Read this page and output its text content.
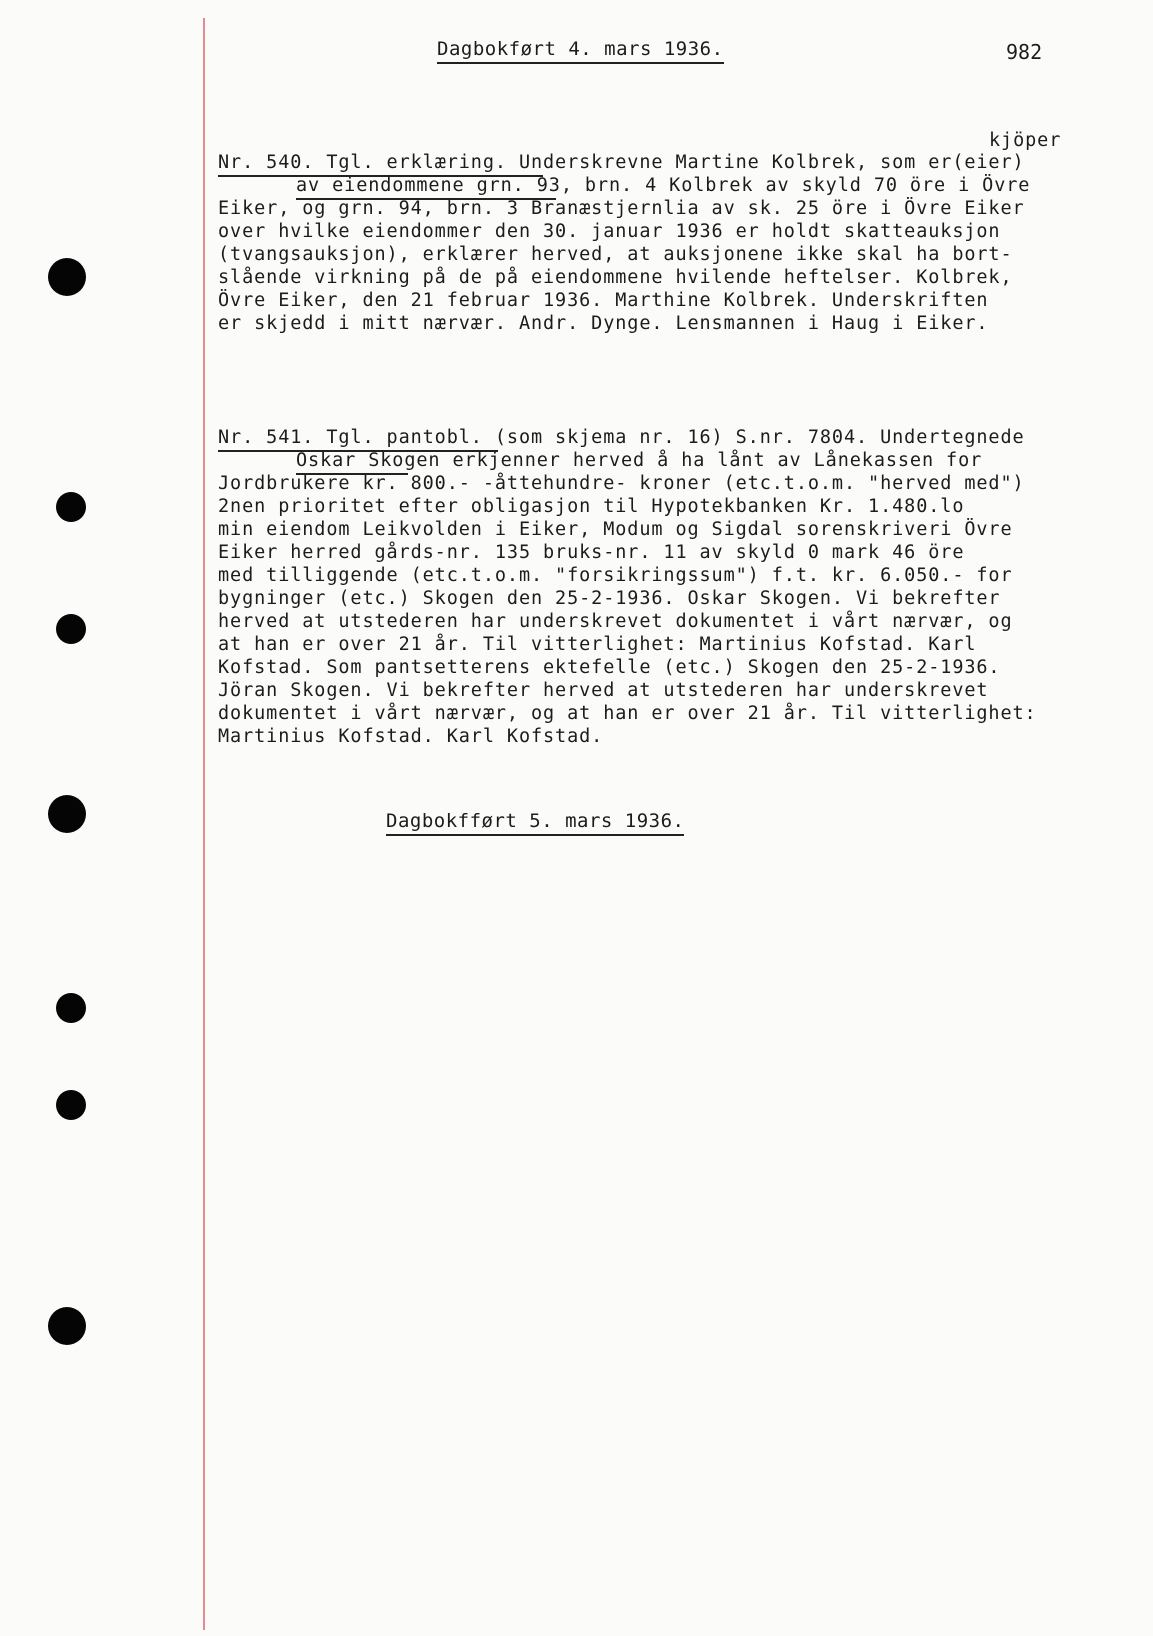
Dagbokført 4. mars 1936.	982
kjöper
Nr. 540. Tgl. erklæring. Underskrevne Martine Kolbrek, som er(eier)
av eiendommene grn. 93, brn. 4 Kolbrek av skyld 70 öre i Övre
Eiker, og grn. 94, brn. 3 Branæstjernlia av sk. 25 öre i Övre Eiker
over hvilke eiendommer den 30. januar 1936 er holdt skatteauksjon
(tvangsauksjon), erklærer herved, at auksjonene ikke skal ha bort-
slående virkning på de på eiendommene hvilende heftelser. Kolbrek,
Övre Eiker, den 21 februar 1936. Marthine Kolbrek. Underskriften
er skjedd i mitt nærvær. Andr. Dynge. Lensmannen i Haug i Eiker.
Nr. 541. Tgl. pantobl. (som skjema nr. 16) S.nr. 7804. Undertegnede
Oskar Skogen erkjenner herved å ha lånt av Lånekassen for
Jordbrukere kr. 800.- -åttehundre- kroner (etc.t.o.m. "herved med")
2nen prioritet efter obligasjon til Hypotekbanken Kr. 1.480.lo
min eiendom Leikvolden i Eiker, Modum og Sigdal sorenskriveri Övre
Eiker herred gårds-nr. 135 bruks-nr. 11 av skyld 0 mark 46 öre
med tilliggende (etc.t.o.m. "forsikringssum") f.t. kr. 6.050.- for
bygninger (etc.) Skogen den 25-2-1936. Oskar Skogen. Vi bekrefter
herved at utstederen har underskrevet dokumentet i vårt nærvær, og
at han er over 21 år. Til vitterlighet: Martinius Kofstad. Karl
Kofstad. Som pantsetterens ektefelle (etc.) Skogen den 25-2-1936.
Jöran Skogen. Vi bekrefter herved at utstederen har underskrevet
dokumentet i vårt nærvær, og at han er over 21 år. Til vitterlighet:
Martinius Kofstad. Karl Kofstad.
Dagbokfført 5. mars 1936.
